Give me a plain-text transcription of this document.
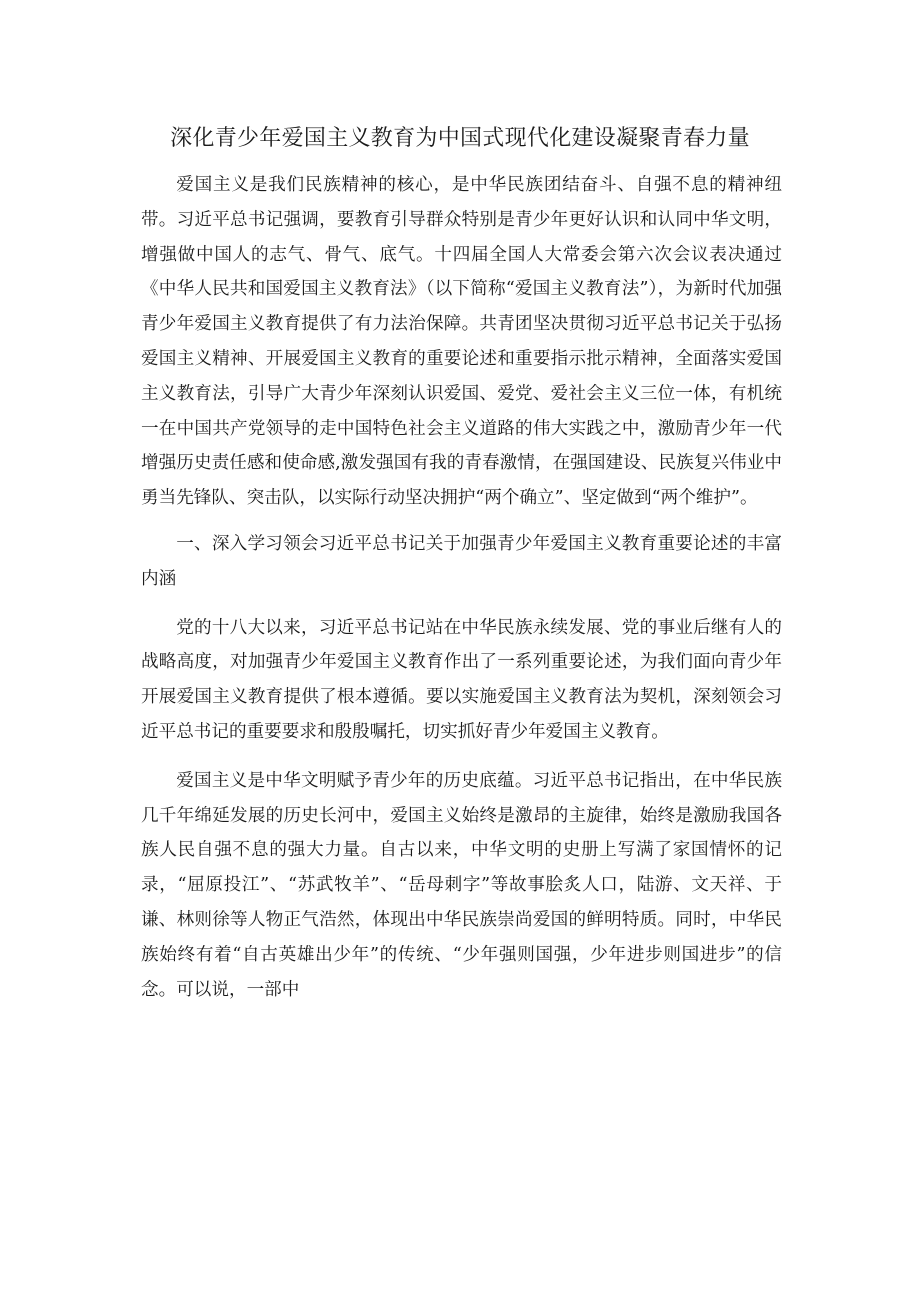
深化青少年爱国主义教育为中国式现代化建设凝聚青春力量

爱国主义是我们民族精神的核心，是中华民族团结奋斗、自强不息的精神纽带。习近平总书记强调，要教育引导群众特别是青少年更好认识和认同中华文明，增强做中国人的志气、骨气、底气。十四届全国人大常委会第六次会议表决通过《中华人民共和国爱国主义教育法》（以下简称“爱国主义教育法”），为新时代加强青少年爱国主义教育提供了有力法治保障。共青团坚决贯彻习近平总书记关于弘扬爱国主义精神、开展爱国主义教育的重要论述和重要指示批示精神，全面落实爱国主义教育法，引导广大青少年深刻认识爱国、爱党、爱社会主义三位一体，有机统一在中国共产党领导的走中国特色社会主义道路的伟大实践之中，激励青少年一代增强历史责任感和使命感,激发强国有我的青春激情，在强国建设、民族复兴伟业中勇当先锋队、突击队，以实际行动坚决拥护“两个确立”、坚定做到“两个维护”。

一、深入学习领会习近平总书记关于加强青少年爱国主义教育重要论述的丰富内涵

党的十八大以来，习近平总书记站在中华民族永续发展、党的事业后继有人的战略高度，对加强青少年爱国主义教育作出了一系列重要论述，为我们面向青少年开展爱国主义教育提供了根本遵循。要以实施爱国主义教育法为契机，深刻领会习近平总书记的重要要求和殷殷嘱托，切实抓好青少年爱国主义教育。

爱国主义是中华文明赋予青少年的历史底蕴。习近平总书记指出，在中华民族几千年绵延发展的历史长河中，爱国主义始终是激昂的主旋律，始终是激励我国各族人民自强不息的强大力量。自古以来，中华文明的史册上写满了家国情怀的记录，“屈原投江”、“苏武牧羊”、“岳母刺字”等故事脍炙人口，陆游、文天祥、于谦、林则徐等人物正气浩然，体现出中华民族崇尚爱国的鲜明特质。同时，中华民族始终有着“自古英雄出少年”的传统、“少年强则国强，少年进步则国进步”的信念。可以说，一部中
